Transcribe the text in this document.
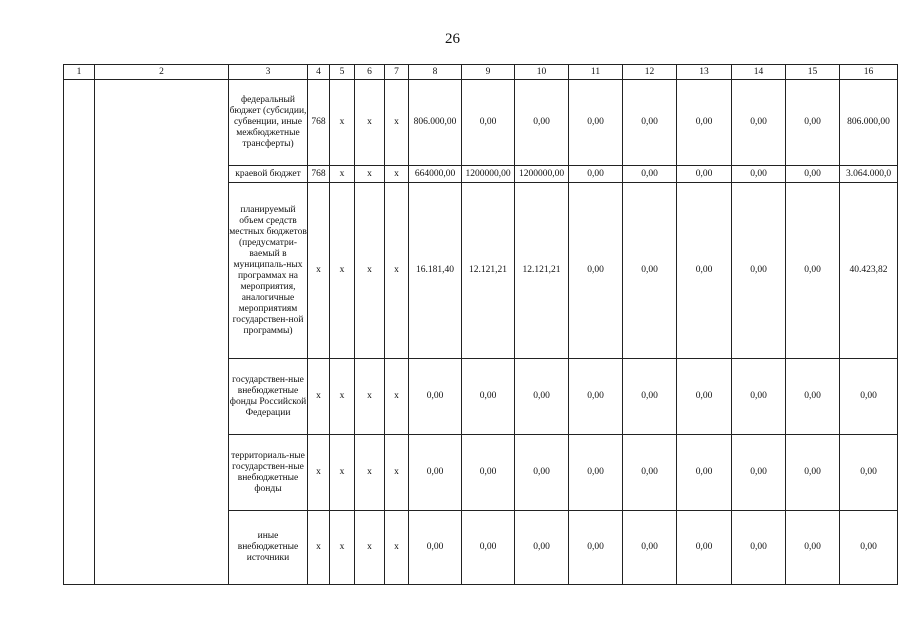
26
1	2	3	4	5	6	7	8	9	10	11	12	13	14	15	16
		федеральный бюджет (субсидии, субвенции, иные межбюджетные трансферты)	768	x	x	x	806.000,00	0,00	0,00	0,00	0,00	0,00	0,00	0,00	806.000,00
		краевой бюджет	768	x	x	x	664000,00	1200000,00	1200000,00	0,00	0,00	0,00	0,00	0,00	3.064.000,0
		планируемый объем средств местных бюджетов (предусматри-ваемый в муниципаль-ных программах на мероприятия, аналогичные мероприятиям государствен-ной программы)	x	x	x	x	16.181,40	12.121,21	12.121,21	0,00	0,00	0,00	0,00	0,00	40.423,82
		государствен-ные внебюджетные фонды Российской Федерации	x	x	x	x	0,00	0,00	0,00	0,00	0,00	0,00	0,00	0,00	0,00
		территориаль-ные государствен-ные внебюджетные фонды	x	x	x	x	0,00	0,00	0,00	0,00	0,00	0,00	0,00	0,00	0,00
		иные внебюджетные источники	x	x	x	x	0,00	0,00	0,00	0,00	0,00	0,00	0,00	0,00	0,00
